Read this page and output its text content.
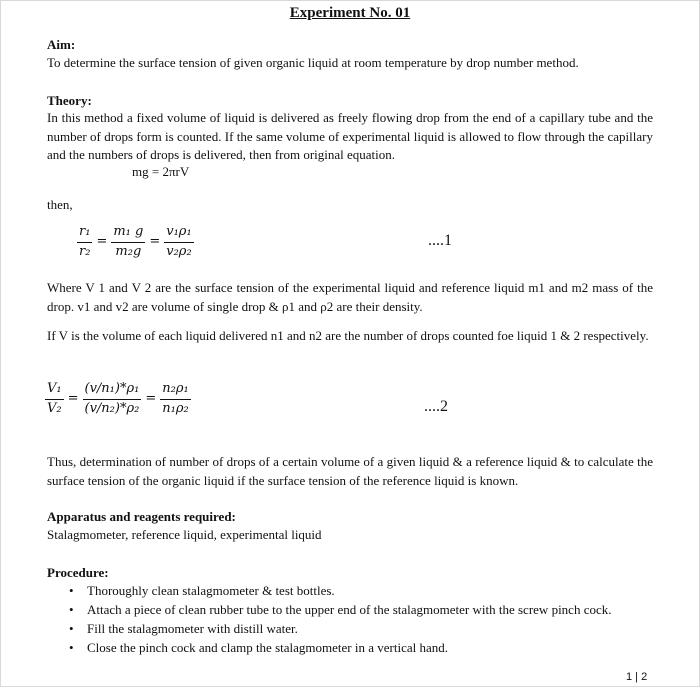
Experiment No. 01
Aim:
To determine the surface tension of given organic liquid at room temperature by drop number method.
Theory:
In this method a fixed volume of liquid is delivered as freely flowing drop from the end of a capillary tube and the number of drops form is counted. If the same volume of experimental liquid is allowed to flow through the capillary and the numbers of drops is delivered, then from original equation.
mg = 2πrV
then,
$\frac{\text{r₁}}{\text{r₂}} = \frac{\text{m₁ g}}{\text{m₂g}} = \frac{\text{v₁ρ₁}}{\text{v₂ρ₂}}$	....1
Where V 1 and V 2 are the surface tension of the experimental liquid and reference liquid m1 and m2 mass of the drop. v1 and v2 are volume of single drop & ρ1 and ρ2 are their density.
If V is the volume of each liquid delivered n1 and n2 are the number of drops counted foe liquid 1 & 2 respectively.
$\frac{\text{V₁}}{\text{V₂}} = \frac{\text{(v/n₁)*ρ₁}}{\text{(v/n₂)*ρ₂}} = \frac{\text{n₂ρ₁}}{\text{n₁ρ₂}}$	....2
Thus, determination of number of drops of a certain volume of a given liquid & a reference liquid & to calculate the surface tension of the organic liquid if the surface tension of the reference liquid is known.
Apparatus and reagents required:
Stalagmometer, reference liquid, experimental liquid
Procedure:
• Thoroughly clean stalagmometer & test bottles.
• Attach a piece of clean rubber tube to the upper end of the stalagmometer with the screw pinch cock.
• Fill the stalagmometer with distill water.
• Close the pinch cock and clamp the stalagmometer in a vertical hand.
1 | 2
